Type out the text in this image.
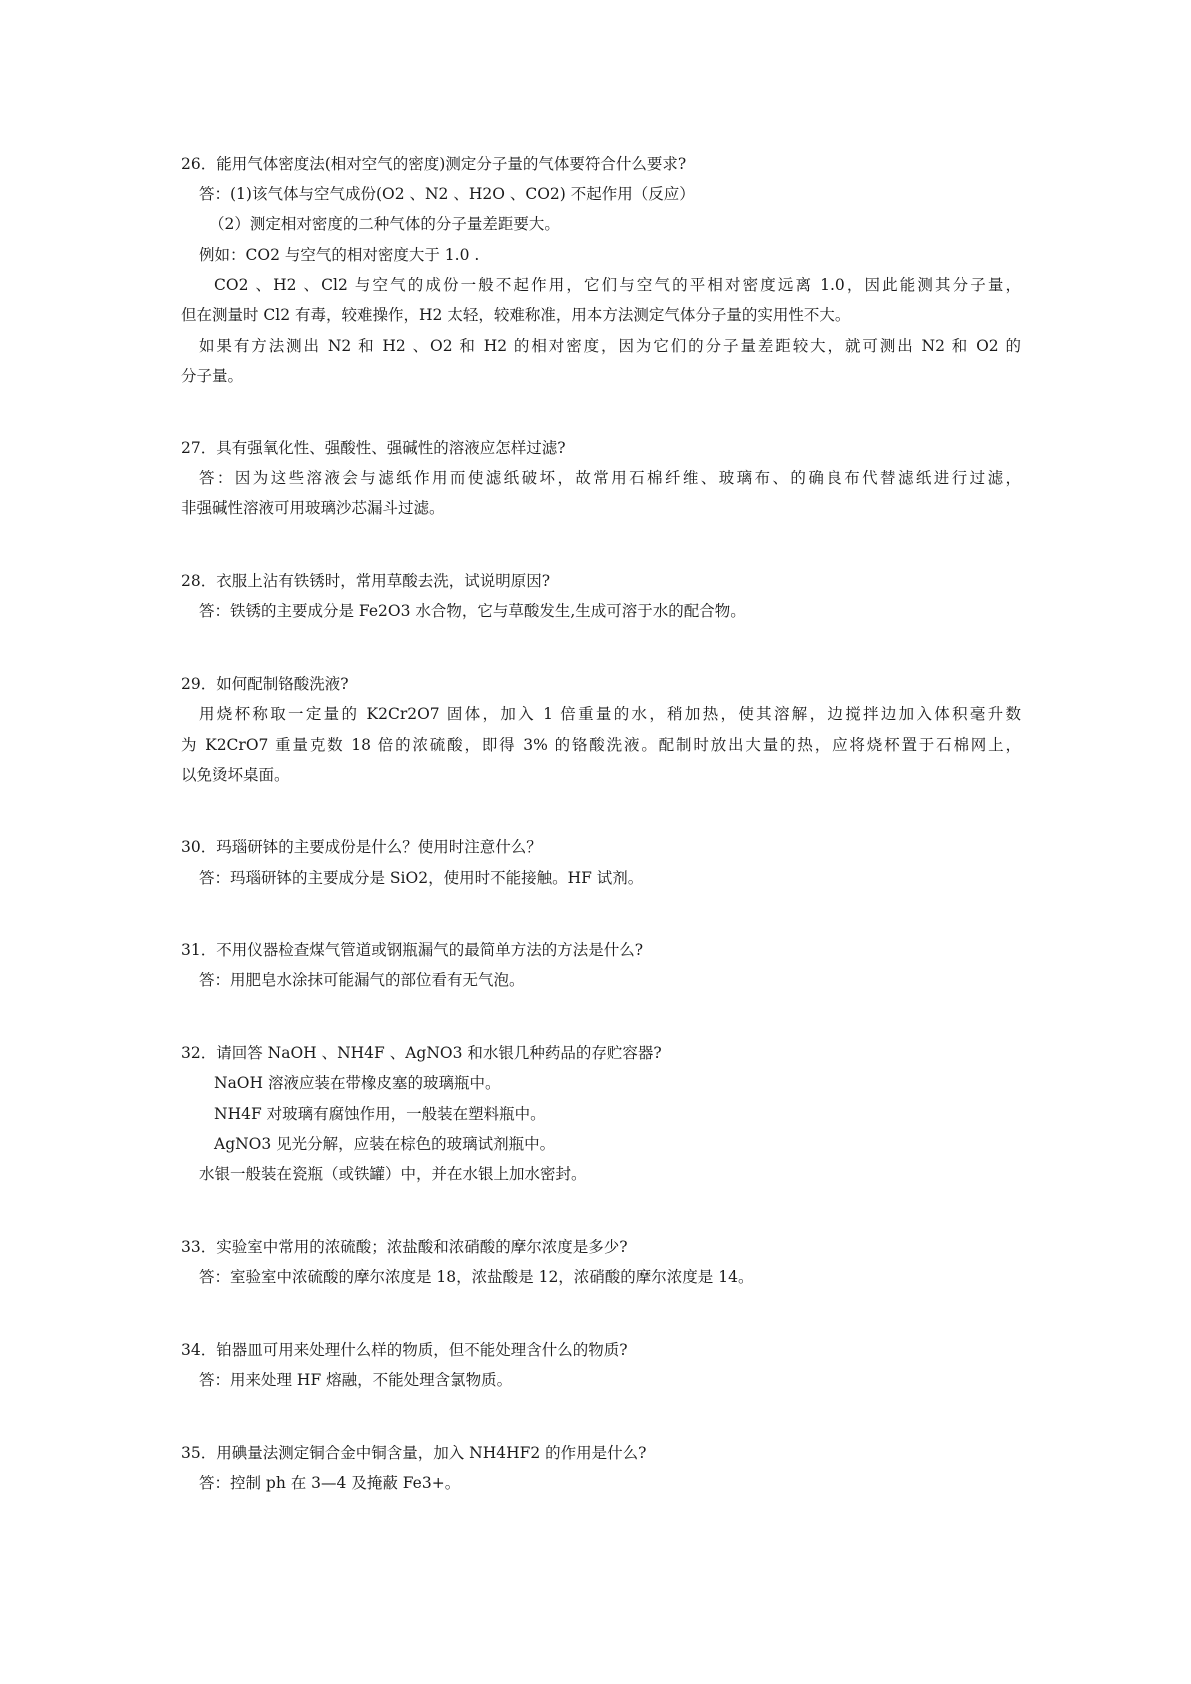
26．能用气体密度法(相对空气的密度)测定分子量的气体要符合什么要求?
答：(1)该气体与空气成份(O2 、N2 、H2O 、CO2) 不起作用（反应）
（2）测定相对密度的二种气体的分子量差距要大。
例如：CO2 与空气的相对密度大于 1.0 .
CO2 、H2 、Cl2 与空气的成份一般不起作用，它们与空气的平相对密度远离 1.0，因此能测其分子量，
但在测量时 Cl2 有毒，较难操作，H2 太轻，较难称准，用本方法测定气体分子量的实用性不大。
如果有方法测出 N2 和 H2 、O2 和 H2 的相对密度，因为它们的分子量差距较大，就可测出 N2 和 O2 的
分子量。
27．具有强氧化性、强酸性、强碱性的溶液应怎样过滤?
答：因为这些溶液会与滤纸作用而使滤纸破坏，故常用石棉纤维、玻璃布、的确良布代替滤纸进行过滤，
非强碱性溶液可用玻璃沙芯漏斗过滤。
28．衣服上沾有铁锈时，常用草酸去洗，试说明原因?
答：铁锈的主要成分是 Fe2O3 水合物，它与草酸发生,生成可溶于水的配合物。
29．如何配制铬酸洗液?
用烧杯称取一定量的 K2Cr2O7 固体，加入 1 倍重量的水，稍加热，使其溶解，边搅拌边加入体积毫升数
为 K2CrO7 重量克数 18 倍的浓硫酸，即得 3% 的铬酸洗液。配制时放出大量的热，应将烧杯置于石棉网上，
以免烫坏桌面。
30．玛瑙研钵的主要成份是什么？使用时注意什么？
答：玛瑙研钵的主要成分是 SiO2，使用时不能接触。HF 试剂。
31．不用仪器检查煤气管道或钢瓶漏气的最简单方法的方法是什么?
答：用肥皂水涂抹可能漏气的部位看有无气泡。
32．请回答 NaOH 、NH4F 、AgNO3 和水银几种药品的存贮容器?
NaOH 溶液应装在带橡皮塞的玻璃瓶中。
NH4F 对玻璃有腐蚀作用，一般装在塑料瓶中。
AgNO3 见光分解，应装在棕色的玻璃试剂瓶中。
水银一般装在瓷瓶（或铁罐）中，并在水银上加水密封。
33．实验室中常用的浓硫酸；浓盐酸和浓硝酸的摩尔浓度是多少?
答：室验室中浓硫酸的摩尔浓度是 18，浓盐酸是 12，浓硝酸的摩尔浓度是 14。
34．铂器皿可用来处理什么样的物质，但不能处理含什么的物质?
答：用来处理 HF 熔融，不能处理含氯物质。
35．用碘量法测定铜合金中铜含量，加入 NH4HF2 的作用是什么?
答：控制 ph 在 3—4 及掩蔽 Fe3+。
